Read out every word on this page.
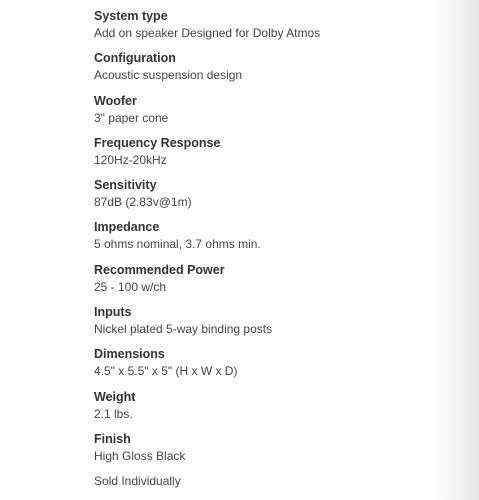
System type
Add on speaker Designed for Dolby Atmos
Configuration
Acoustic suspension design
Woofer
3" paper cone
Frequency Response
120Hz-20kHz
Sensitivity
87dB (2.83v@1m)
Impedance
5 ohms nominal, 3.7 ohms min.
Recommended Power
25 - 100 w/ch
Inputs
Nickel plated 5-way binding posts
Dimensions
4.5" x 5.5" x 5" (H x W x D)
Weight
2.1 lbs.
Finish
High Gloss Black
Sold Individually
